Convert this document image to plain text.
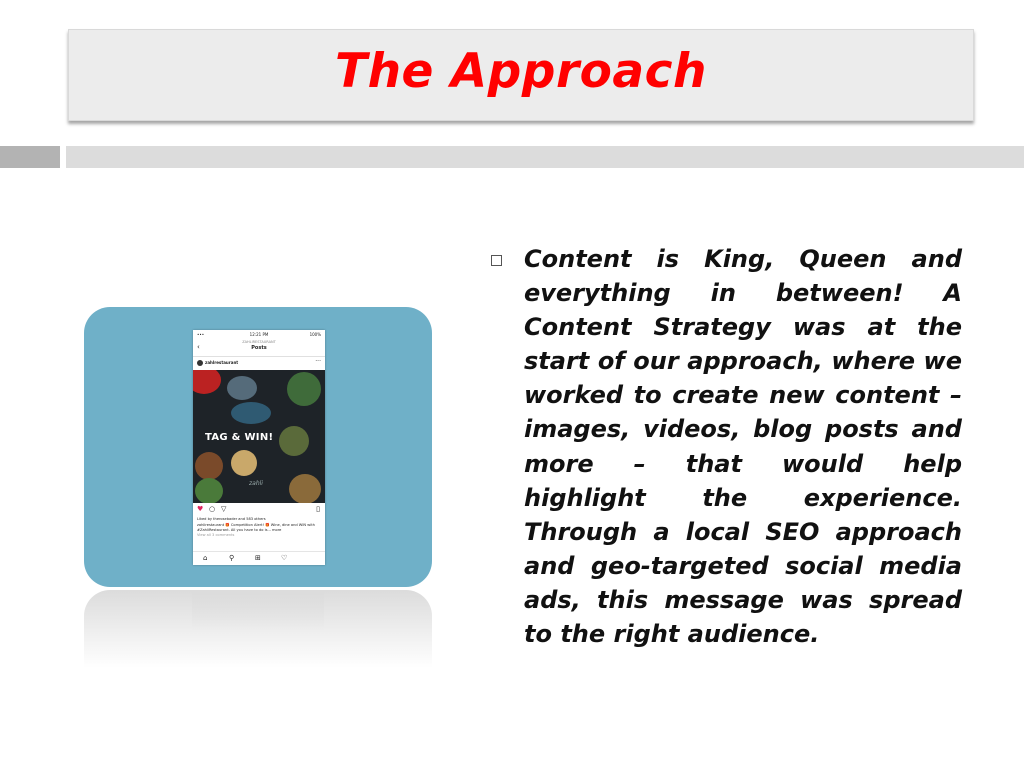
The Approach
•••	12:21 PM	100%
‹
ZAHLIRESTAURANT
Posts
zahlrestaurant	···
TAG & WIN!
zahli
♥ ○ ▽	▯
Liked by therosebader and 583 others
zahlirestaurant 🎁 Competition Alert! 🎁 Wine, dine and WIN with #ZahliRestaurant. All you have to do is... more
View all 3 comments
⌂	⚲	⊞	♡
Content is King, Queen and everything in between! A Content Strategy was at the start of our approach, where we worked to create new content – images, videos, blog posts and more – that would help highlight the experience. Through a local SEO approach and geo-targeted social media ads, this message was spread to the right audience.
